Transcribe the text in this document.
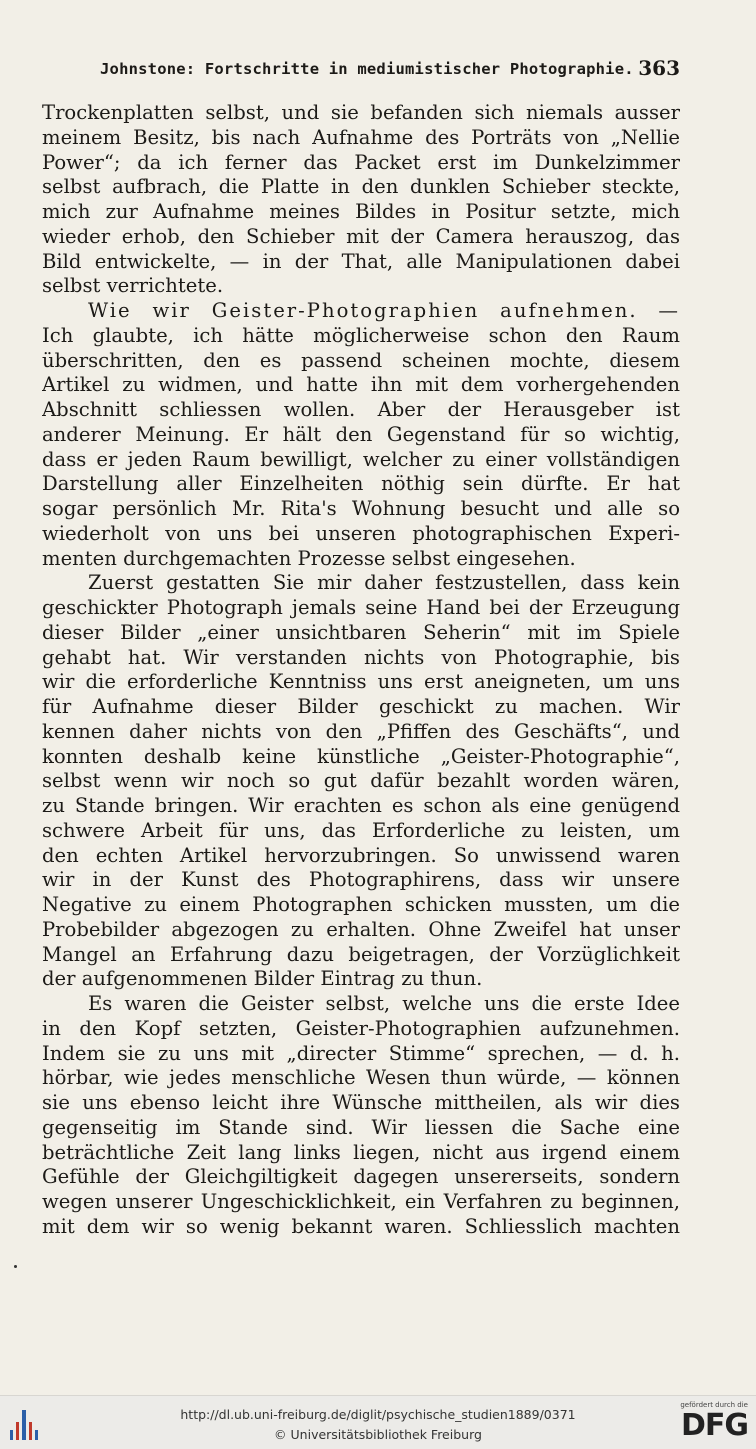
Johnstone: Fortschritte in mediumistischer Photographie. 363
Trockenplatten selbst, und sie befanden sich niemals ausser
meinem Besitz, bis nach Aufnahme des Porträts von „Nellie
Power“; da ich ferner das Packet erst im Dunkelzimmer
selbst aufbrach, die Platte in den dunklen Schieber steckte,
mich zur Aufnahme meines Bildes in Positur setzte, mich
wieder erhob, den Schieber mit der Camera herauszog, das
Bild entwickelte, — in der That, alle Manipulationen dabei
selbst verrichtete.
Wie wir Geister-Photographien aufnehmen. —
Ich glaubte, ich hätte möglicherweise schon den Raum
überschritten, den es passend scheinen mochte, diesem
Artikel zu widmen, und hatte ihn mit dem vorhergehenden
Abschnitt schliessen wollen. Aber der Herausgeber ist
anderer Meinung. Er hält den Gegenstand für so wichtig,
dass er jeden Raum bewilligt, welcher zu einer vollständigen
Darstellung aller Einzelheiten nöthig sein dürfte. Er hat
sogar persönlich Mr. Rita's Wohnung besucht und alle so
wiederholt von uns bei unseren photographischen Experi-
menten durchgemachten Prozesse selbst eingesehen.
Zuerst gestatten Sie mir daher festzustellen, dass kein
geschickter Photograph jemals seine Hand bei der Erzeugung
dieser Bilder „einer unsichtbaren Seherin“ mit im Spiele
gehabt hat. Wir verstanden nichts von Photographie, bis
wir die erforderliche Kenntniss uns erst aneigneten, um uns
für Aufnahme dieser Bilder geschickt zu machen. Wir
kennen daher nichts von den „Pfiffen des Geschäfts“, und
konnten deshalb keine künstliche „Geister-Photographie“,
selbst wenn wir noch so gut dafür bezahlt worden wären,
zu Stande bringen. Wir erachten es schon als eine genügend
schwere Arbeit für uns, das Erforderliche zu leisten, um
den echten Artikel hervorzubringen. So unwissend waren
wir in der Kunst des Photographirens, dass wir unsere
Negative zu einem Photographen schicken mussten, um die
Probebilder abgezogen zu erhalten. Ohne Zweifel hat unser
Mangel an Erfahrung dazu beigetragen, der Vorzüglichkeit
der aufgenommenen Bilder Eintrag zu thun.
Es waren die Geister selbst, welche uns die erste Idee
in den Kopf setzten, Geister-Photographien aufzunehmen.
Indem sie zu uns mit „directer Stimme“ sprechen, — d. h.
hörbar, wie jedes menschliche Wesen thun würde, — können
sie uns ebenso leicht ihre Wünsche mittheilen, als wir dies
gegenseitig im Stande sind. Wir liessen die Sache eine
beträchtliche Zeit lang links liegen, nicht aus irgend einem
Gefühle der Gleichgiltigkeit dagegen unsererseits, sondern
wegen unserer Ungeschicklichkeit, ein Verfahren zu beginnen,
mit dem wir so wenig bekannt waren. Schliesslich machten
http://dl.ub.uni-freiburg.de/diglit/psychische_studien1889/0371
© Universitätsbibliothek Freiburg
gefördert durch die
DFG
